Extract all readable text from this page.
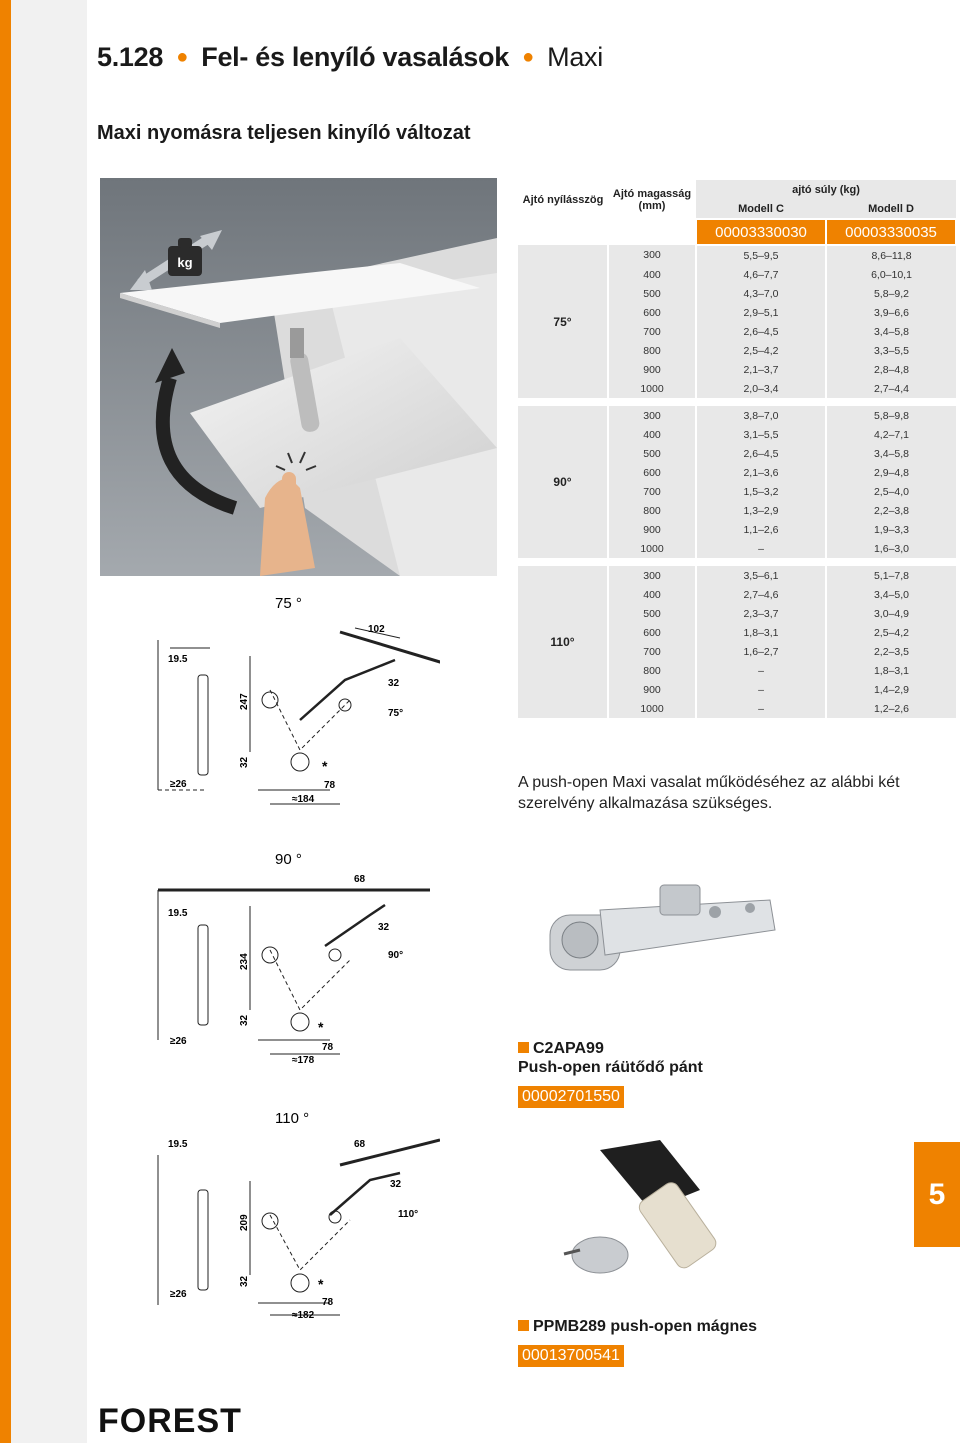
5.128 ● Fel- és lenyíló vasalások ● Maxi
Maxi nyomásra teljesen kinyíló változat
kg
Ajtó nyílásszög	Ajtó magasság (mm)	ajtó súly (kg)	
		Modell C	Modell D
		00003330030	00003330035
75°	300	5,5–9,5	8,6–11,8
	400	4,6–7,7	6,0–10,1
	500	4,3–7,0	5,8–9,2
	600	2,9–5,1	3,9–6,6
	700	2,6–4,5	3,4–5,8
	800	2,5–4,2	3,3–5,5
	900	2,1–3,7	2,8–4,8
	1000	2,0–3,4	2,7–4,4

90°	300	3,8–7,0	5,8–9,8
	400	3,1–5,5	4,2–7,1
	500	2,6–4,5	3,4–5,8
	600	2,1–3,6	2,9–4,8
	700	1,5–3,2	2,5–4,0
	800	1,3–2,9	2,2–3,8
	900	1,1–2,6	1,9–3,3
	1000	–	1,6–3,0

110°	300	3,5–6,1	5,1–7,8
	400	2,7–4,6	3,4–5,0
	500	2,3–3,7	3,0–4,9
	600	1,8–3,1	2,5–4,2
	700	1,6–2,7	2,2–3,5
	800	–	1,8–3,1
	900	–	1,4–2,9
	1000	–	1,2–2,6
A push-open Maxi vasalat működéséhez az alábbi két szerelvény alkalmazása szükséges.
75 °
102
19.5
247
32
75°
32
≥26
*
78
≈184
90 °
68
19.5
234
32
90°
32
≥26
*
78
≈178
110 °
68
19.5
209
32
110°
32
≥26
*
78
≈182
C2APA99
Push-open ráütődő pánt
00002701550
PPMB289 push-open mágnes
00013700541
5
FOREST
